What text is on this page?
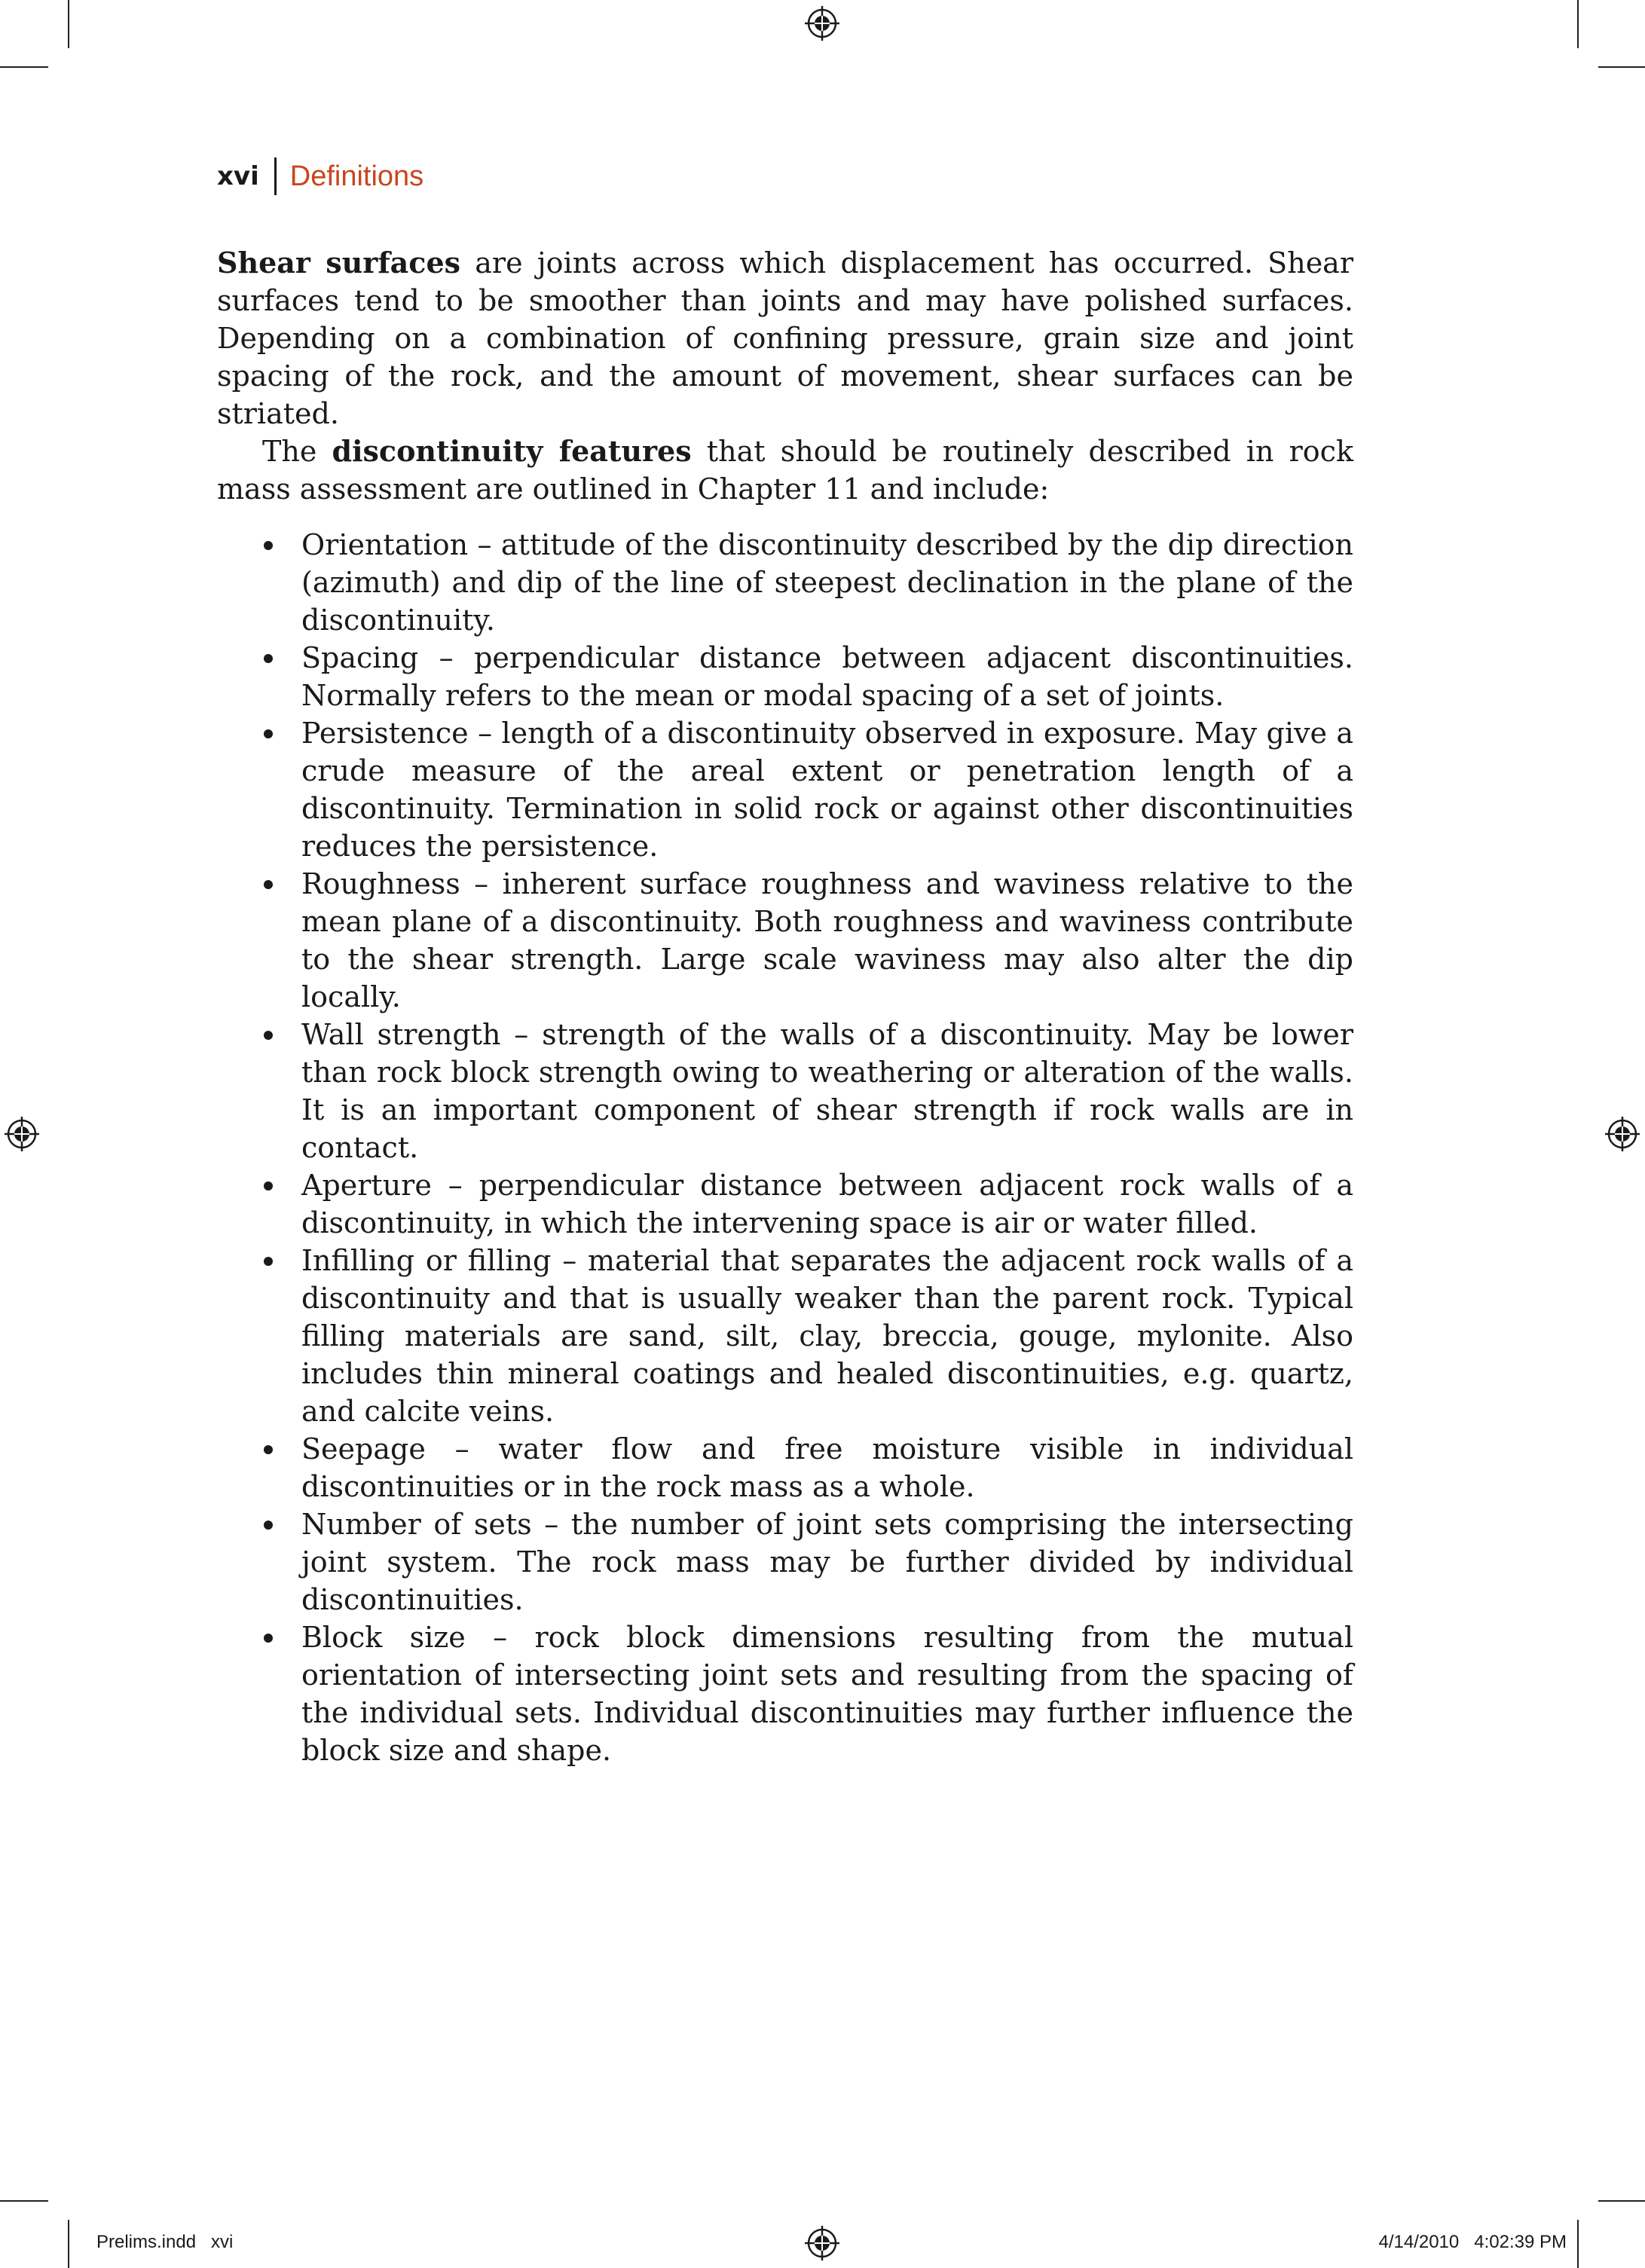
xvi Definitions

Shear surfaces are joints across which displacement has occurred. Shear surfaces tend to be smoother than joints and may have polished surfaces. Depending on a combination of confining pressure, grain size and joint spacing of the rock, and the amount of movement, shear surfaces can be striated.

The discontinuity features that should be routinely described in rock mass assessment are outlined in Chapter 11 and include:

Orientation – attitude of the discontinuity described by the dip direction (azimuth) and dip of the line of steepest declination in the plane of the discontinuity.
Spacing – perpendicular distance between adjacent discontinuities. Normally refers to the mean or modal spacing of a set of joints.
Persistence – length of a discontinuity observed in exposure. May give a crude measure of the areal extent or penetration length of a discontinuity. Termination in solid rock or against other discontinuities reduces the persistence.
Roughness – inherent surface roughness and waviness relative to the mean plane of a discontinuity. Both roughness and waviness contribute to the shear strength. Large scale waviness may also alter the dip locally.
Wall strength – strength of the walls of a discontinuity. May be lower than rock block strength owing to weathering or alteration of the walls. It is an important component of shear strength if rock walls are in contact.
Aperture – perpendicular distance between adjacent rock walls of a discontinuity, in which the intervening space is air or water filled.
Infilling or filling – material that separates the adjacent rock walls of a discontinuity and that is usually weaker than the parent rock. Typical filling materials are sand, silt, clay, breccia, gouge, mylonite. Also includes thin mineral coatings and healed discontinuities, e.g. quartz, and calcite veins.
Seepage – water flow and free moisture visible in individual discontinuities or in the rock mass as a whole.
Number of sets – the number of joint sets comprising the intersecting joint system. The rock mass may be further divided by individual discontinuities.
Block size – rock block dimensions resulting from the mutual orientation of intersecting joint sets and resulting from the spacing of the individual sets. Individual discontinuities may further influence the block size and shape.
Prelims.indd   xvi	4/14/2010   4:02:39 PM
